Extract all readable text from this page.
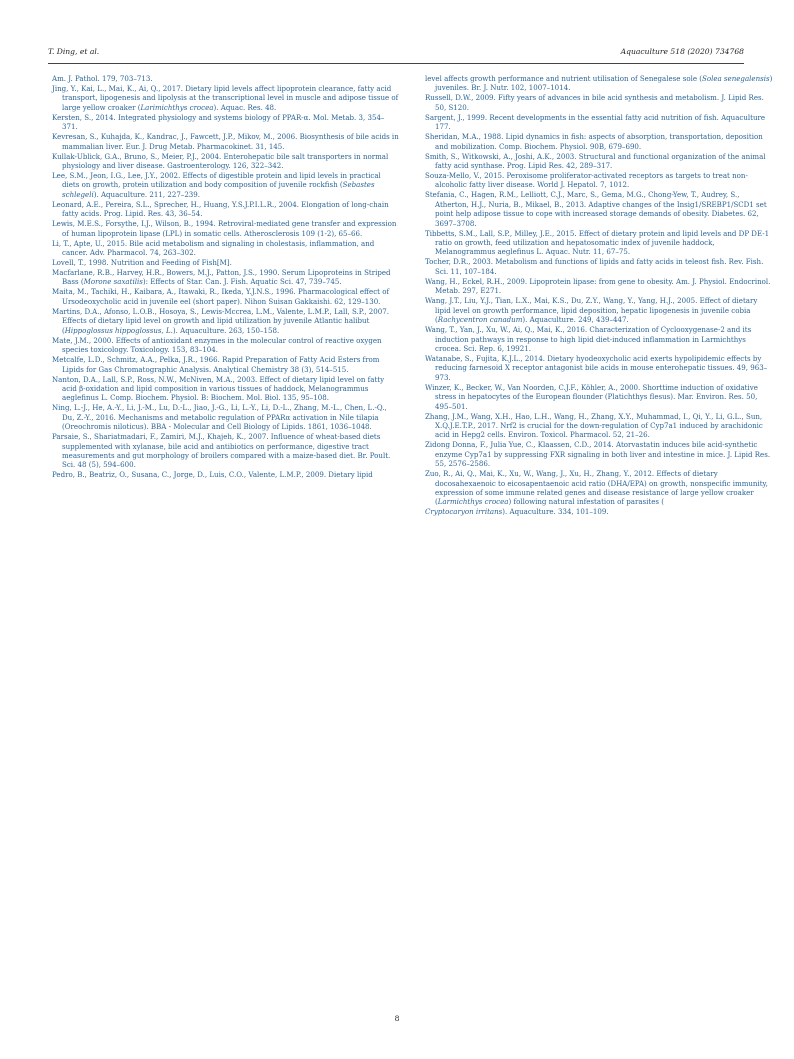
T. Ding, et al.	Aquaculture 518 (2020) 734768

Am. J. Pathol. 179, 703–713.

Jing, Y., Kai, L., Mai, K., Ai, Q., 2017. Dietary lipid levels affect lipoprotein clearance, fatty acid transport, lipogenesis and lipolysis at the transcriptional level in muscle and adipose tissue of large yellow croaker (Larimichthys crocea). Aquac. Res. 48.

Kersten, S., 2014. Integrated physiology and systems biology of PPAR-α. Mol. Metab. 3, 354–371.

Kevresan, S., Kuhajda, K., Kandrac, J., Fawcett, J.P., Mikov, M., 2006. Biosynthesis of bile acids in mammalian liver. Eur. J. Drug Metab. Pharmacokinet. 31, 145.

Kullak-Ublick, G.A., Bruno, S., Meier, P.J., 2004. Enterohepatic bile salt transporters in normal physiology and liver disease. Gastroenterology. 126, 322–342.

Lee, S.M., Jeon, I.G., Lee, J.Y., 2002. Effects of digestible protein and lipid levels in practical diets on growth, protein utilization and body composition of juvenile rockfish (Sebastes schlegeli). Aquaculture. 211, 227–239.

Leonard, A.E., Pereira, S.L., Sprecher, H., Huang, Y.S.J.P.I.L.R., 2004. Elongation of long-chain fatty acids. Prog. Lipid. Res. 43, 36–54.

Lewis, M.E.S., Forsythe, I.J., Wilson, B., 1994. Retroviral-mediated gene transfer and expression of human lipoprotein lipase (LPL) in somatic cells. Atherosclerosis 109 (1-2), 65–66.

Li, T., Apte, U., 2015. Bile acid metabolism and signaling in cholestasis, inflammation, and cancer. Adv. Pharmacol. 74, 263–302.

Lovell, T., 1998. Nutrition and Feeding of Fish[M].

Macfarlane, R.B., Harvey, H.R., Bowers, M.J., Patton, J.S., 1990. Serum Lipoproteins in Striped Bass (Morone saxatilis): Effects of Star. Can. J. Fish. Aquatic Sci. 47, 739–745.

Maita, M., Tachiki, H., Kaibara, A., Itawaki, R., Ikeda, Y.J.N.S., 1996. Pharmacological effect of Ursodeoxycholic acid in juvenile eel (short paper). Nihon Suisan Gakkaishi. 62, 129–130.

Martins, D.A., Afonso, L.O.B., Hosoya, S., Lewis-Mccrea, L.M., Valente, L.M.P., Lall, S.P., 2007. Effects of dietary lipid level on growth and lipid utilization by juvenile Atlantic halibut (Hippoglossus hippoglossus, L.). Aquaculture. 263, 150–158.

Mate, J.M., 2000. Effects of antioxidant enzymes in the molecular control of reactive oxygen species toxicology. Toxicology. 153, 83–104.

Metcalfe, L.D., Schmitz, A.A., Pelka, J.R., 1966. Rapid Preparation of Fatty Acid Esters from Lipids for Gas Chromatographic Analysis. Analytical Chemistry 38 (3), 514–515.

Nanton, D.A., Lall, S.P., Ross, N.W., McNiven, M.A., 2003. Effect of dietary lipid level on fatty acid β-oxidation and lipid composition in various tissues of haddock, Melanogrammus aeglefinus L. Comp. Biochem. Physiol. B: Biochem. Mol. Biol. 135, 95–108.

Ning, L.-J., He, A.-Y., Li, J.-M., Lu, D.-L., Jiao, J.-G., Li, L.-Y., Li, D.-L., Zhang, M.-L., Chen, L.-Q., Du, Z.-Y., 2016. Mechanisms and metabolic regulation of PPARα activation in Nile tilapia (Oreochromis niloticus). BBA - Molecular and Cell Biology of Lipids. 1861, 1036–1048.

Parsaie, S., Shariatmadari, F., Zamiri, M.J., Khajeh, K., 2007. Influence of wheat-based diets supplemented with xylanase, bile acid and antibiotics on performance, digestive tract measurements and gut morphology of broilers compared with a maize-based diet. Br. Poult. Sci. 48 (5), 594–600.

Pedro, B., Beatriz, O., Susana, C., Jorge, D., Luis, C.O., Valente, L.M.P., 2009. Dietary lipid

level affects growth performance and nutrient utilisation of Senegalese sole (Solea senegalensis) juveniles. Br. J. Nutr. 102, 1007–1014.

Russell, D.W., 2009. Fifty years of advances in bile acid synthesis and metabolism. J. Lipid Res. 50, S120.

Sargent, J., 1999. Recent developments in the essential fatty acid nutrition of fish. Aquaculture 177.

Sheridan, M.A., 1988. Lipid dynamics in fish: aspects of absorption, transportation, deposition and mobilization. Comp. Biochem. Physiol. 90B, 679–690.

Smith, S., Witkowski, A., Joshi, A.K., 2003. Structural and functional organization of the animal fatty acid synthase. Prog. Lipid Res. 42, 289–317.

Souza-Mello, V., 2015. Peroxisome proliferator-activated receptors as targets to treat non-alcoholic fatty liver disease. World J. Hepatol. 7, 1012.

Stefania, C., Hagen, R.M., Lelliott, C.J., Marc, S., Gema, M.G., Chong-Yew, T., Audrey, S., Atherton, H.J., Nuria, B., Mikael, B., 2013. Adaptive changes of the Insig1/SREBP1/SCD1 set point help adipose tissue to cope with increased storage demands of obesity. Diabetes. 62, 3697–3708.

Tibbetts, S.M., Lall, S.P., Milley, J.E., 2015. Effect of dietary protein and lipid levels and DP DE-1 ratio on growth, feed utilization and hepatosomatic index of juvenile haddock, Melanogrammus aeglefinus L. Aquac. Nutr. 11, 67–75.

Tocher, D.R., 2003. Metabolism and functions of lipids and fatty acids in teleost fish. Rev. Fish. Sci. 11, 107–184.

Wang, H., Eckel, R.H., 2009. Lipoprotein lipase: from gene to obesity. Am. J. Physiol. Endocrinol. Metab. 297, E271.

Wang, J.T., Liu, Y.J., Tian, L.X., Mai, K.S., Du, Z.Y., Wang, Y., Yang, H.J., 2005. Effect of dietary lipid level on growth performance, lipid deposition, hepatic lipogenesis in juvenile cobia (Rachycentron canadum). Aquaculture. 249, 439–447.

Wang, T., Yan, J., Xu, W., Ai, Q., Mai, K., 2016. Characterization of Cyclooxygenase-2 and its induction pathways in response to high lipid diet-induced inflammation in Larmichthys crocea. Sci. Rep. 6, 19921.

Watanabe, S., Fujita, K.J.L., 2014. Dietary hyodeoxycholic acid exerts hypolipidemic effects by reducing farnesoid X receptor antagonist bile acids in mouse enterohepatic tissues. 49, 963–973.

Winzer, K., Becker, W., Van Noorden, C.J.F., Köhler, A., 2000. Shorttime induction of oxidative stress in hepatocytes of the European flounder (Platichthys flesus). Mar. Environ. Res. 50, 495–501.

Zhang, J.M., Wang, X.H., Hao, L.H., Wang, H., Zhang, X.Y., Muhammad, I., Qi, Y., Li, G.L., Sun, X.Q.J.E.T.P., 2017. Nrf2 is crucial for the down-regulation of Cyp7a1 induced by arachidonic acid in Hepg2 cells. Environ. Toxicol. Pharmacol. 52, 21–26.

Zidong Donna, F., Julia Yue, C., Klaassen, C.D., 2014. Atorvastatin induces bile acid-synthetic enzyme Cyp7a1 by suppressing FXR signaling in both liver and intestine in mice. J. Lipid Res. 55, 2576–2586.

Zuo, R., Ai, Q., Mai, K., Xu, W., Wang, J., Xu, H., Zhang, Y., 2012. Effects of dietary docosahexaenoic to eicosapentaenoic acid ratio (DHA/EPA) on growth, nonspecific immunity, expression of some immune related genes and disease resistance of large yellow croaker (Larmichthys crocea) following natural infestation of parasites (

Cryptocaryon irritans). Aquaculture. 334, 101–109.

8
